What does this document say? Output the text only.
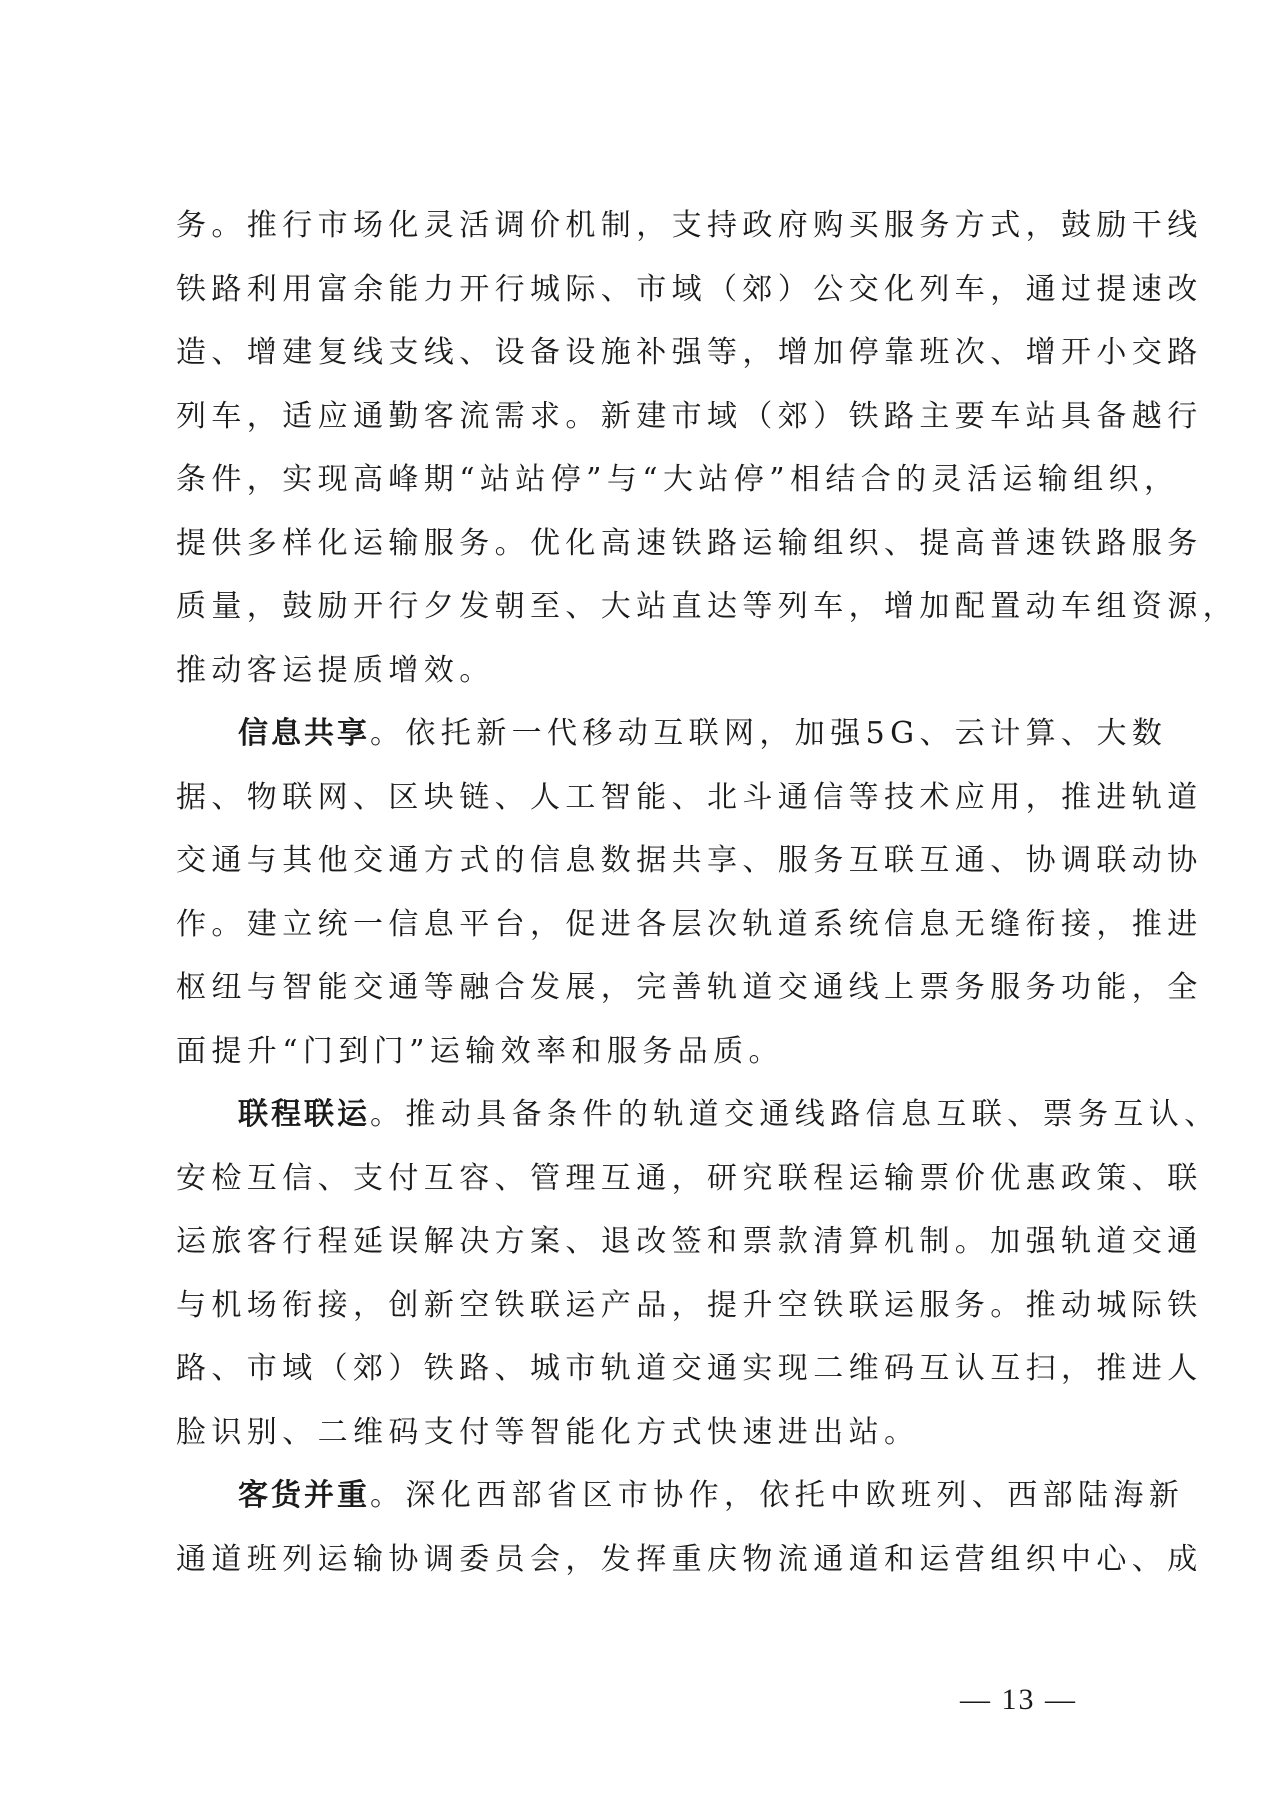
务。推行市场化灵活调价机制，支持政府购买服务方式，鼓励干线
铁路利用富余能力开行城际、市域（郊）公交化列车，通过提速改
造、增建复线支线、设备设施补强等，增加停靠班次、增开小交路
列车，适应通勤客流需求。新建市域（郊）铁路主要车站具备越行
条件，实现高峰期“站站停”与“大站停”相结合的灵活运输组织，
提供多样化运输服务。优化高速铁路运输组织、提高普速铁路服务
质量，鼓励开行夕发朝至、大站直达等列车，增加配置动车组资源，
推动客运提质增效。
信息共享。依托新一代移动互联网，加强5G、云计算、大数
据、物联网、区块链、人工智能、北斗通信等技术应用，推进轨道
交通与其他交通方式的信息数据共享、服务互联互通、协调联动协
作。建立统一信息平台，促进各层次轨道系统信息无缝衔接，推进
枢纽与智能交通等融合发展，完善轨道交通线上票务服务功能，全
面提升“门到门”运输效率和服务品质。
联程联运。推动具备条件的轨道交通线路信息互联、票务互认、
安检互信、支付互容、管理互通，研究联程运输票价优惠政策、联
运旅客行程延误解决方案、退改签和票款清算机制。加强轨道交通
与机场衔接，创新空铁联运产品，提升空铁联运服务。推动城际铁
路、市域（郊）铁路、城市轨道交通实现二维码互认互扫，推进人
脸识别、二维码支付等智能化方式快速进出站。
客货并重。深化西部省区市协作，依托中欧班列、西部陆海新
通道班列运输协调委员会，发挥重庆物流通道和运营组织中心、成
— 13 —
